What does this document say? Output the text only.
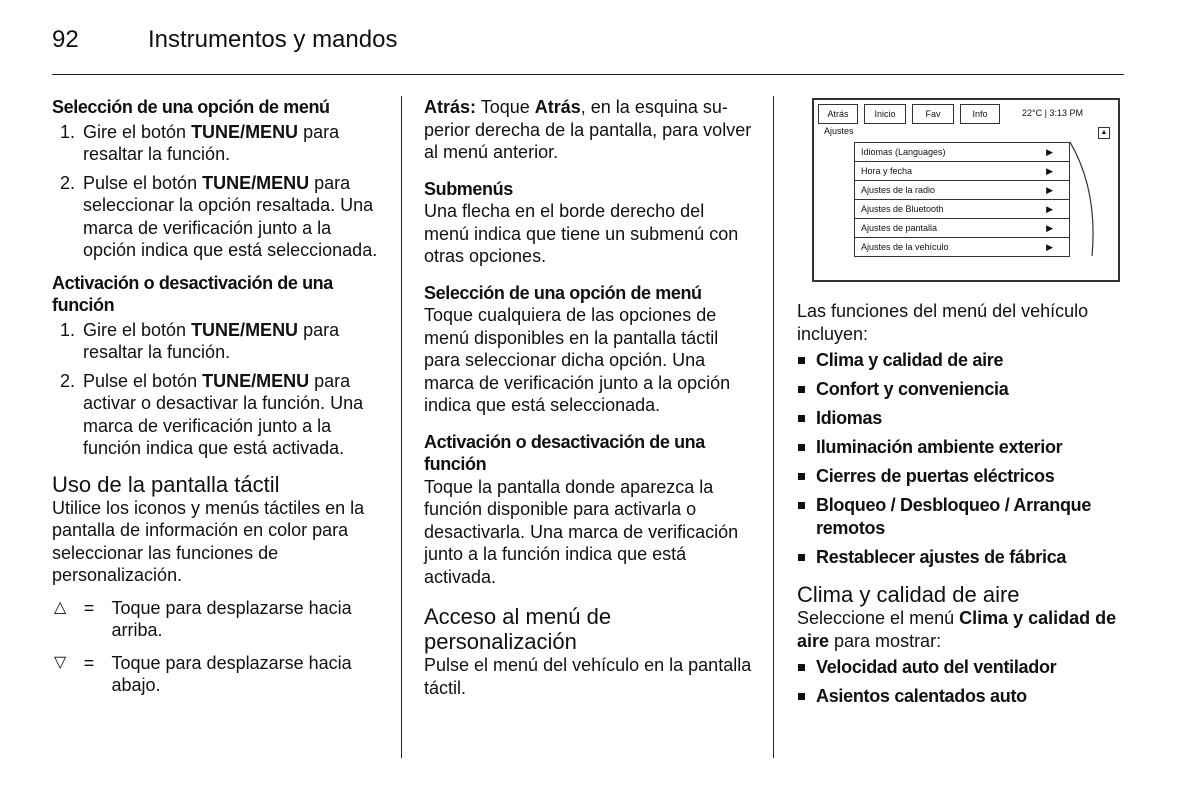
92	Instrumentos y mandos

Selección de una opción de menú

1. Gire el botón TUNE/MENU para resaltar la función.
2. Pulse el botón TUNE/MENU para seleccionar la opción resaltada. Una marca de verificación junto a la opción indica que está seleccionada.

Activación o desactivación de una función

1. Gire el botón TUNE/MENU para resaltar la función.
2. Pulse el botón TUNE/MENU para activar o desactivar la función. Una marca de verificación junto a la función indica que está activada.

Uso de la pantalla táctil

Utilice los iconos y menús táctiles en la pantalla de información en color para seleccionar las funciones de personalización.

△ = Toque para desplazarse hacia arriba.
▽ = Toque para desplazarse hacia abajo.

Atrás: Toque Atrás, en la esquina superior derecha de la pantalla, para volver al menú anterior.

Submenús

Una flecha en el borde derecho del menú indica que tiene un submenú con otras opciones.

Selección de una opción de menú

Toque cualquiera de las opciones de menú disponibles en la pantalla táctil para seleccionar dicha opción. Una marca de verificación junto a la opción indica que está seleccionada.

Activación o desactivación de una función

Toque la pantalla donde aparezca la función disponible para activarla o desactivarla. Una marca de verificación junto a la función indica que está activada.

Acceso al menú de personalización

Pulse el menú del vehículo en la pantalla táctil.

Atrás	Inicio	Fav	Info	22°C | 3:13 PM
Ajustes	▲
Idiomas (Languages)	▶
Hora y fecha	▶
Ajustes de la radio	▶
Ajustes de Bluetooth	▶
Ajustes de pantalla	▶
Ajustes de la vehículo	▶

Las funciones del menú del vehículo incluyen:

Clima y calidad de aire
Confort y conveniencia
Idiomas
Iluminación ambiente exterior
Cierres de puertas eléctricos
Bloqueo / Desbloqueo / Arranque remotos
Restablecer ajustes de fábrica

Clima y calidad de aire

Seleccione el menú Clima y calidad de aire para mostrar:

Velocidad auto del ventilador
Asientos calentados auto
